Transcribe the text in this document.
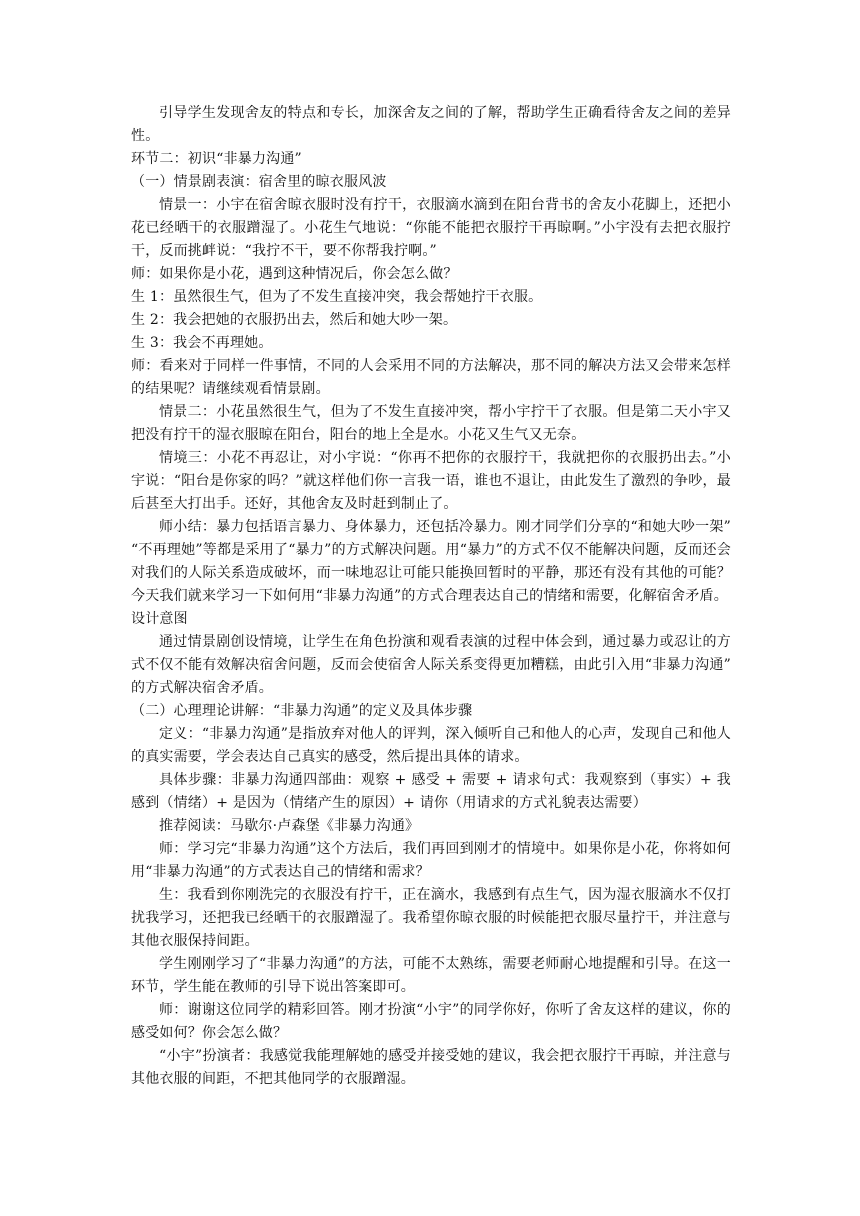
引导学生发现舍友的特点和专长，加深舍友之间的了解，帮助学生正确看待舍友之间的差异性。

环节二：初识“非暴力沟通”

（一）情景剧表演：宿舍里的晾衣服风波

情景一：小宇在宿舍晾衣服时没有拧干，衣服滴水滴到在阳台背书的舍友小花脚上，还把小花已经晒干的衣服蹭湿了。小花生气地说：“你能不能把衣服拧干再晾啊。”小宇没有去把衣服拧干，反而挑衅说：“我拧不干，要不你帮我拧啊。”

师：如果你是小花，遇到这种情况后，你会怎么做？

生 1：虽然很生气，但为了不发生直接冲突，我会帮她拧干衣服。

生 2：我会把她的衣服扔出去，然后和她大吵一架。

生 3：我会不再理她。

师：看来对于同样一件事情，不同的人会采用不同的方法解决，那不同的解决方法又会带来怎样的结果呢？请继续观看情景剧。

情景二：小花虽然很生气，但为了不发生直接冲突，帮小宇拧干了衣服。但是第二天小宇又把没有拧干的湿衣服晾在阳台，阳台的地上全是水。小花又生气又无奈。

情境三：小花不再忍让，对小宇说：“你再不把你的衣服拧干，我就把你的衣服扔出去。”小宇说：“阳台是你家的吗？”就这样他们你一言我一语，谁也不退让，由此发生了激烈的争吵，最后甚至大打出手。还好，其他舍友及时赶到制止了。

师小结：暴力包括语言暴力、身体暴力，还包括冷暴力。刚才同学们分享的“和她大吵一架”“不再理她”等都是采用了“暴力”的方式解决问题。用“暴力”的方式不仅不能解决问题，反而还会对我们的人际关系造成破坏，而一味地忍让可能只能换回暂时的平静，那还有没有其他的可能？今天我们就来学习一下如何用“非暴力沟通”的方式合理表达自己的情绪和需要，化解宿舍矛盾。

设计意图

通过情景剧创设情境，让学生在角色扮演和观看表演的过程中体会到，通过暴力或忍让的方式不仅不能有效解决宿舍问题，反而会使宿舍人际关系变得更加糟糕，由此引入用“非暴力沟通”的方式解决宿舍矛盾。

（二）心理理论讲解：“非暴力沟通”的定义及具体步骤

定义：“非暴力沟通”是指放弃对他人的评判，深入倾听自己和他人的心声，发现自己和他人的真实需要，学会表达自己真实的感受，然后提出具体的请求。

具体步骤：非暴力沟通四部曲：观察 + 感受 + 需要 + 请求句式：我观察到（事实）+ 我感到（情绪）+ 是因为（情绪产生的原因）+ 请你（用请求的方式礼貌表达需要）

推荐阅读：马歇尔·卢森堡《非暴力沟通》

师：学习完“非暴力沟通”这个方法后，我们再回到刚才的情境中。如果你是小花，你将如何用“非暴力沟通”的方式表达自己的情绪和需求？

生：我看到你刚洗完的衣服没有拧干，正在滴水，我感到有点生气，因为湿衣服滴水不仅打扰我学习，还把我已经晒干的衣服蹭湿了。我希望你晾衣服的时候能把衣服尽量拧干，并注意与其他衣服保持间距。

学生刚刚学习了“非暴力沟通”的方法，可能不太熟练，需要老师耐心地提醒和引导。在这一环节，学生能在教师的引导下说出答案即可。

师：谢谢这位同学的精彩回答。刚才扮演“小宇”的同学你好，你听了舍友这样的建议，你的感受如何？你会怎么做？

“小宇”扮演者：我感觉我能理解她的感受并接受她的建议，我会把衣服拧干再晾，并注意与其他衣服的间距，不把其他同学的衣服蹭湿。
